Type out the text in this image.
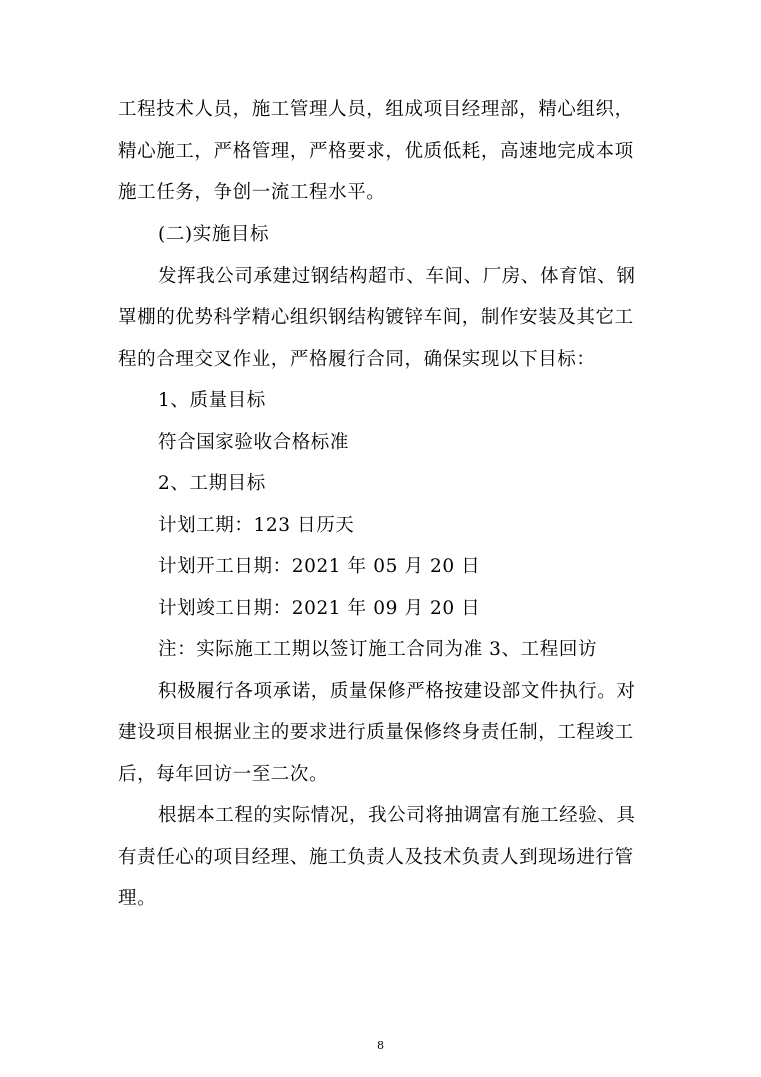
工程技术人员，施工管理人员，组成项目经理部，精心组织，
精心施工，严格管理，严格要求，优质低耗，高速地完成本项
施工任务，争创一流工程水平。
(二)实施目标
发挥我公司承建过钢结构超市、车间、厂房、体育馆、钢
罩棚的优势科学精心组织钢结构镀锌车间，制作安装及其它工
程的合理交叉作业，严格履行合同，确保实现以下目标：
1、质量目标
符合国家验收合格标准
2、工期目标
计划工期：123 日历天
计划开工日期：2021 年 05 月 20 日
计划竣工日期：2021 年 09 月 20 日
注：实际施工工期以签订施工合同为准 3、工程回访
积极履行各项承诺，质量保修严格按建设部文件执行。对
建设项目根据业主的要求进行质量保修终身责任制，工程竣工
后，每年回访一至二次。
根据本工程的实际情况，我公司将抽调富有施工经验、具
有责任心的项目经理、施工负责人及技术负责人到现场进行管
理。
8
